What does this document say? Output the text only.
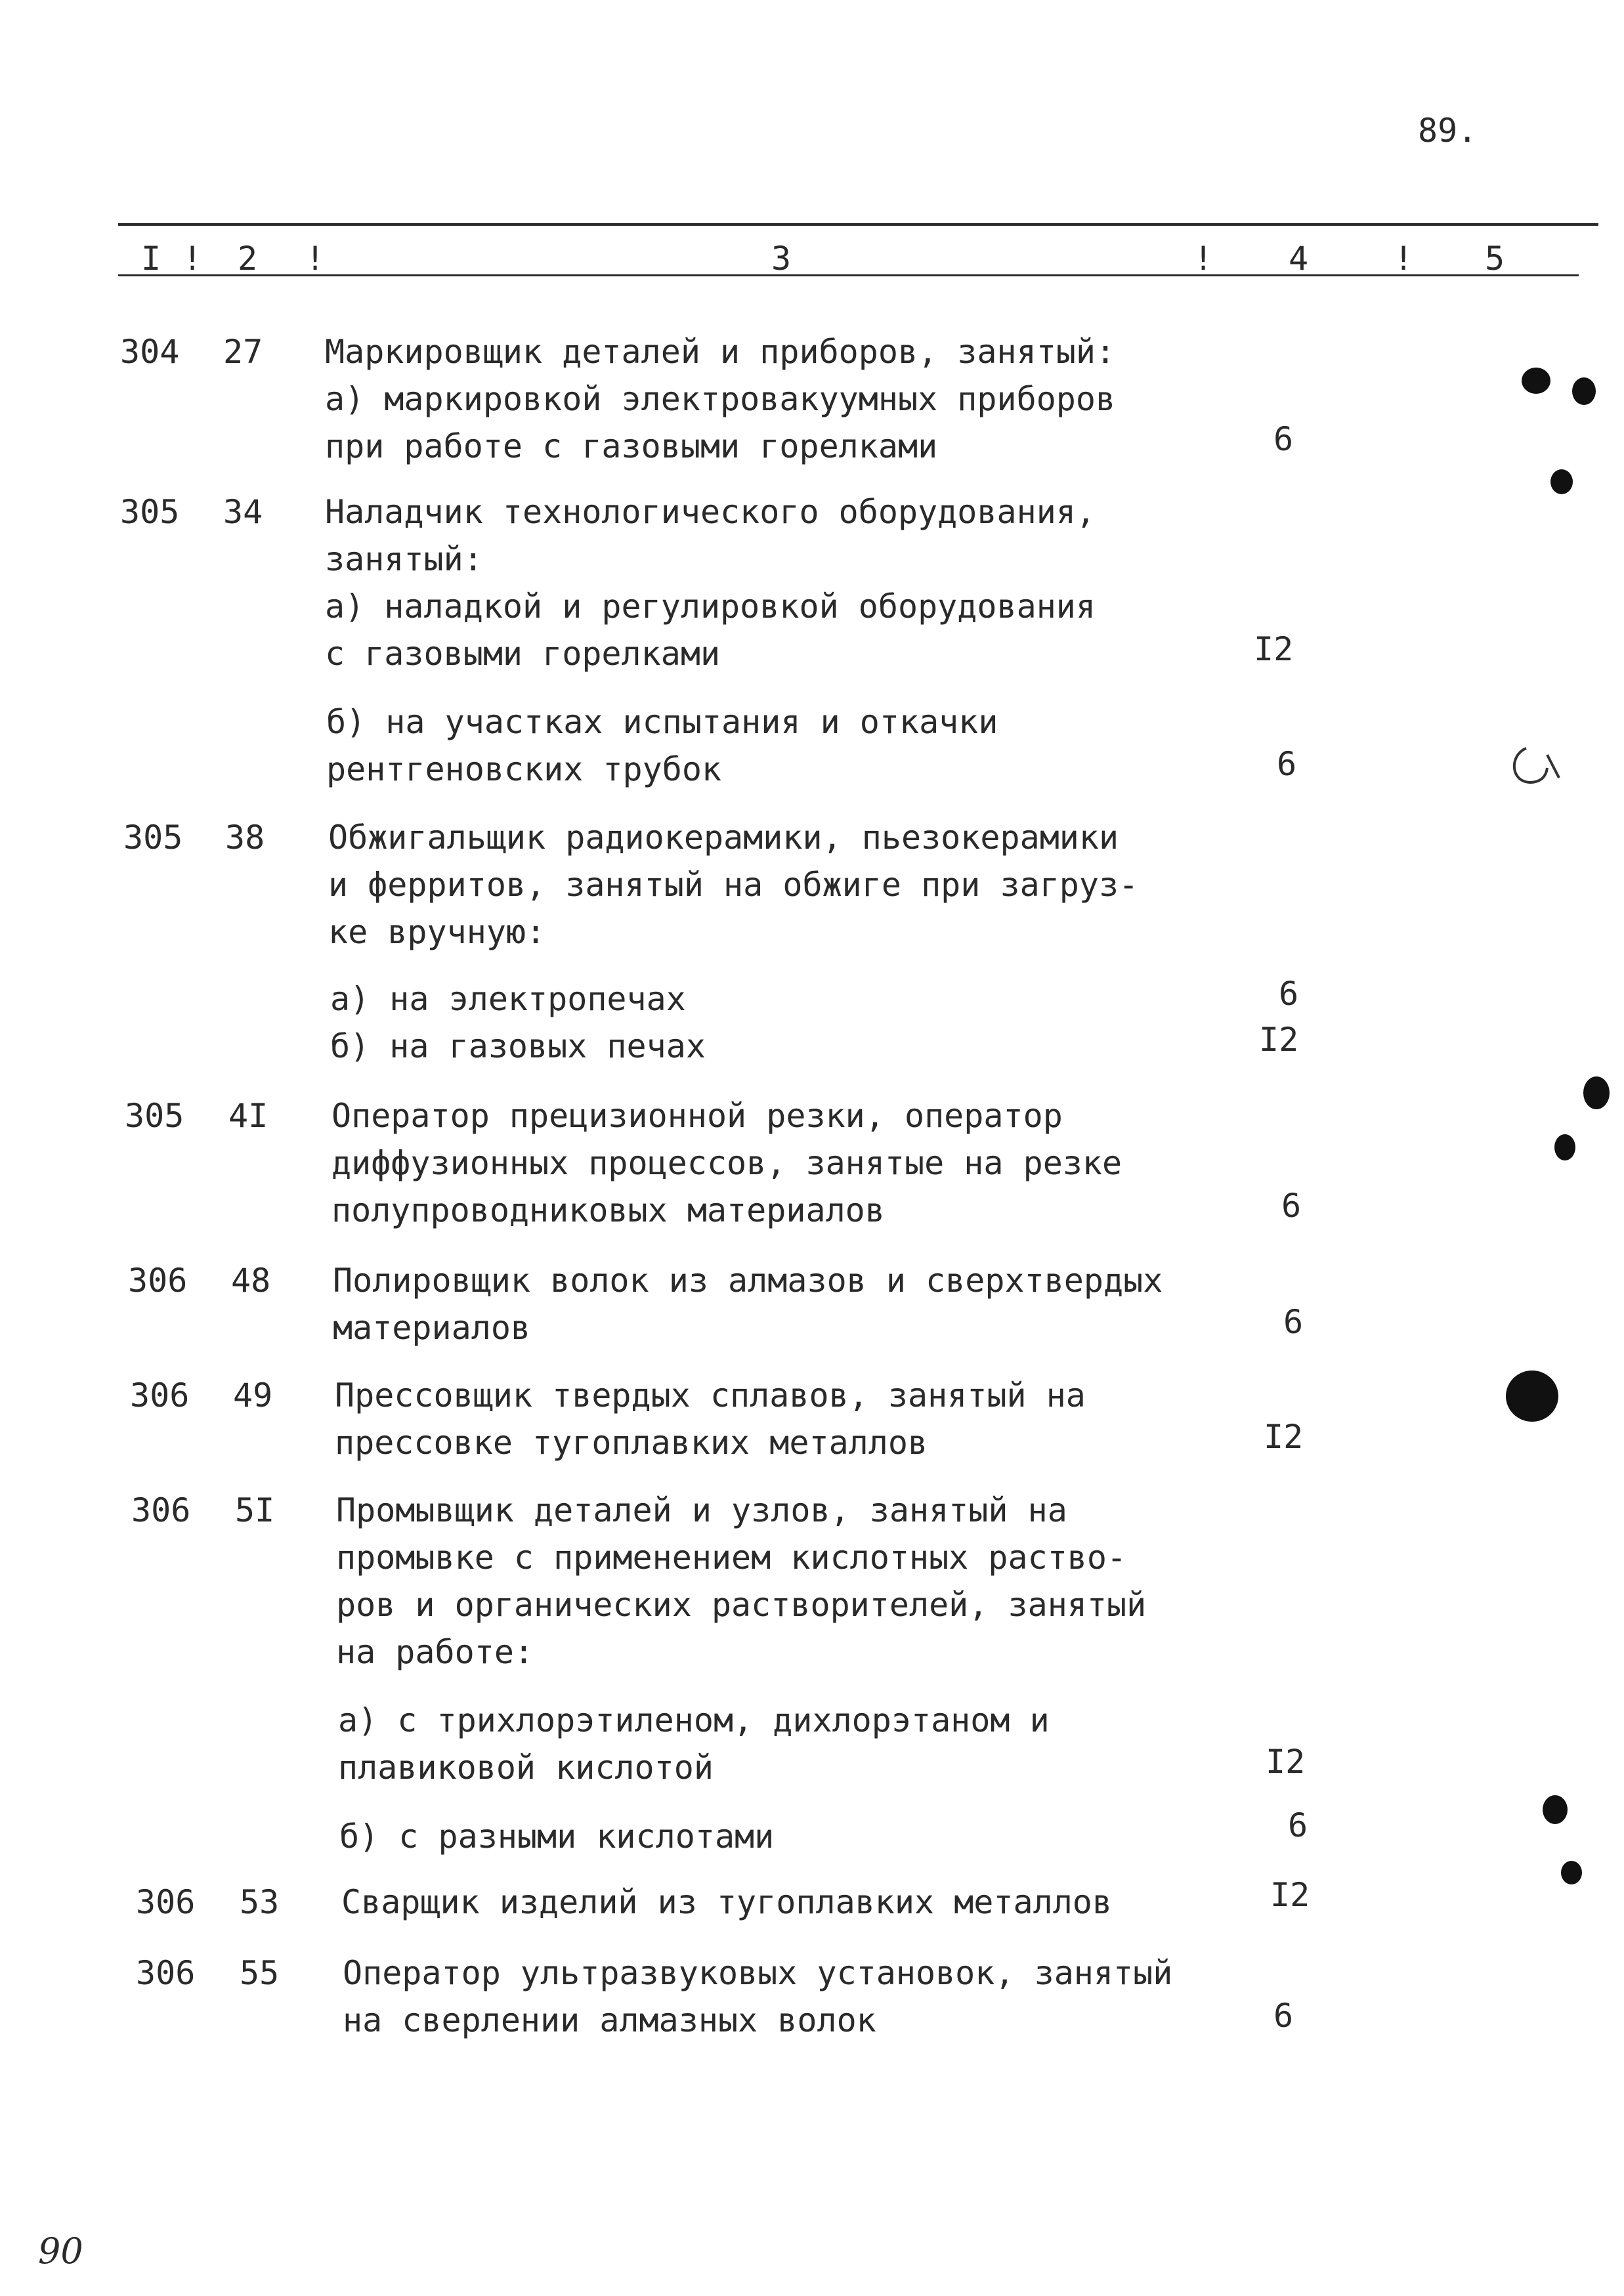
89.
I ! 2 !	3	! 4	! 5
304 27 Маркировщик деталей и приборов, занятый:
а) маркировкой электровакуумных приборов
при работе с газовыми горелками	6
305 34 Наладчик технологического оборудования,
занятый:
а) наладкой и регулировкой оборудования
с газовыми горелками	I2
б) на участках испытания и откачки
рентгеновских трубок	6
305 38 Обжигальщик радиокерамики, пьезокерамики
и ферритов, занятый на обжиге при загруз-
ке вручную:
а) на электропечах	6
б) на газовых печах	I2
305 4I Оператор прецизионной резки, оператор
диффузионных процессов, занятые на резке
полупроводниковых материалов	6
306 48 Полировщик волок из алмазов и сверхтвердых
материалов	6
306 49 Прессовщик твердых сплавов, занятый на
прессовке тугоплавких металлов	I2
306 5I Промывщик деталей и узлов, занятый на
промывке с применением кислотных раство-
ров и органических растворителей, занятый
на работе:
а) с трихлорэтиленом, дихлорэтаном и
плавиковой кислотой	I2
б) с разными кислотами	6
306 53 Сварщик изделий из тугоплавких металлов	I2
306 55 Оператор ультразвуковых установок, занятый
на сверлении алмазных волок	6
90
